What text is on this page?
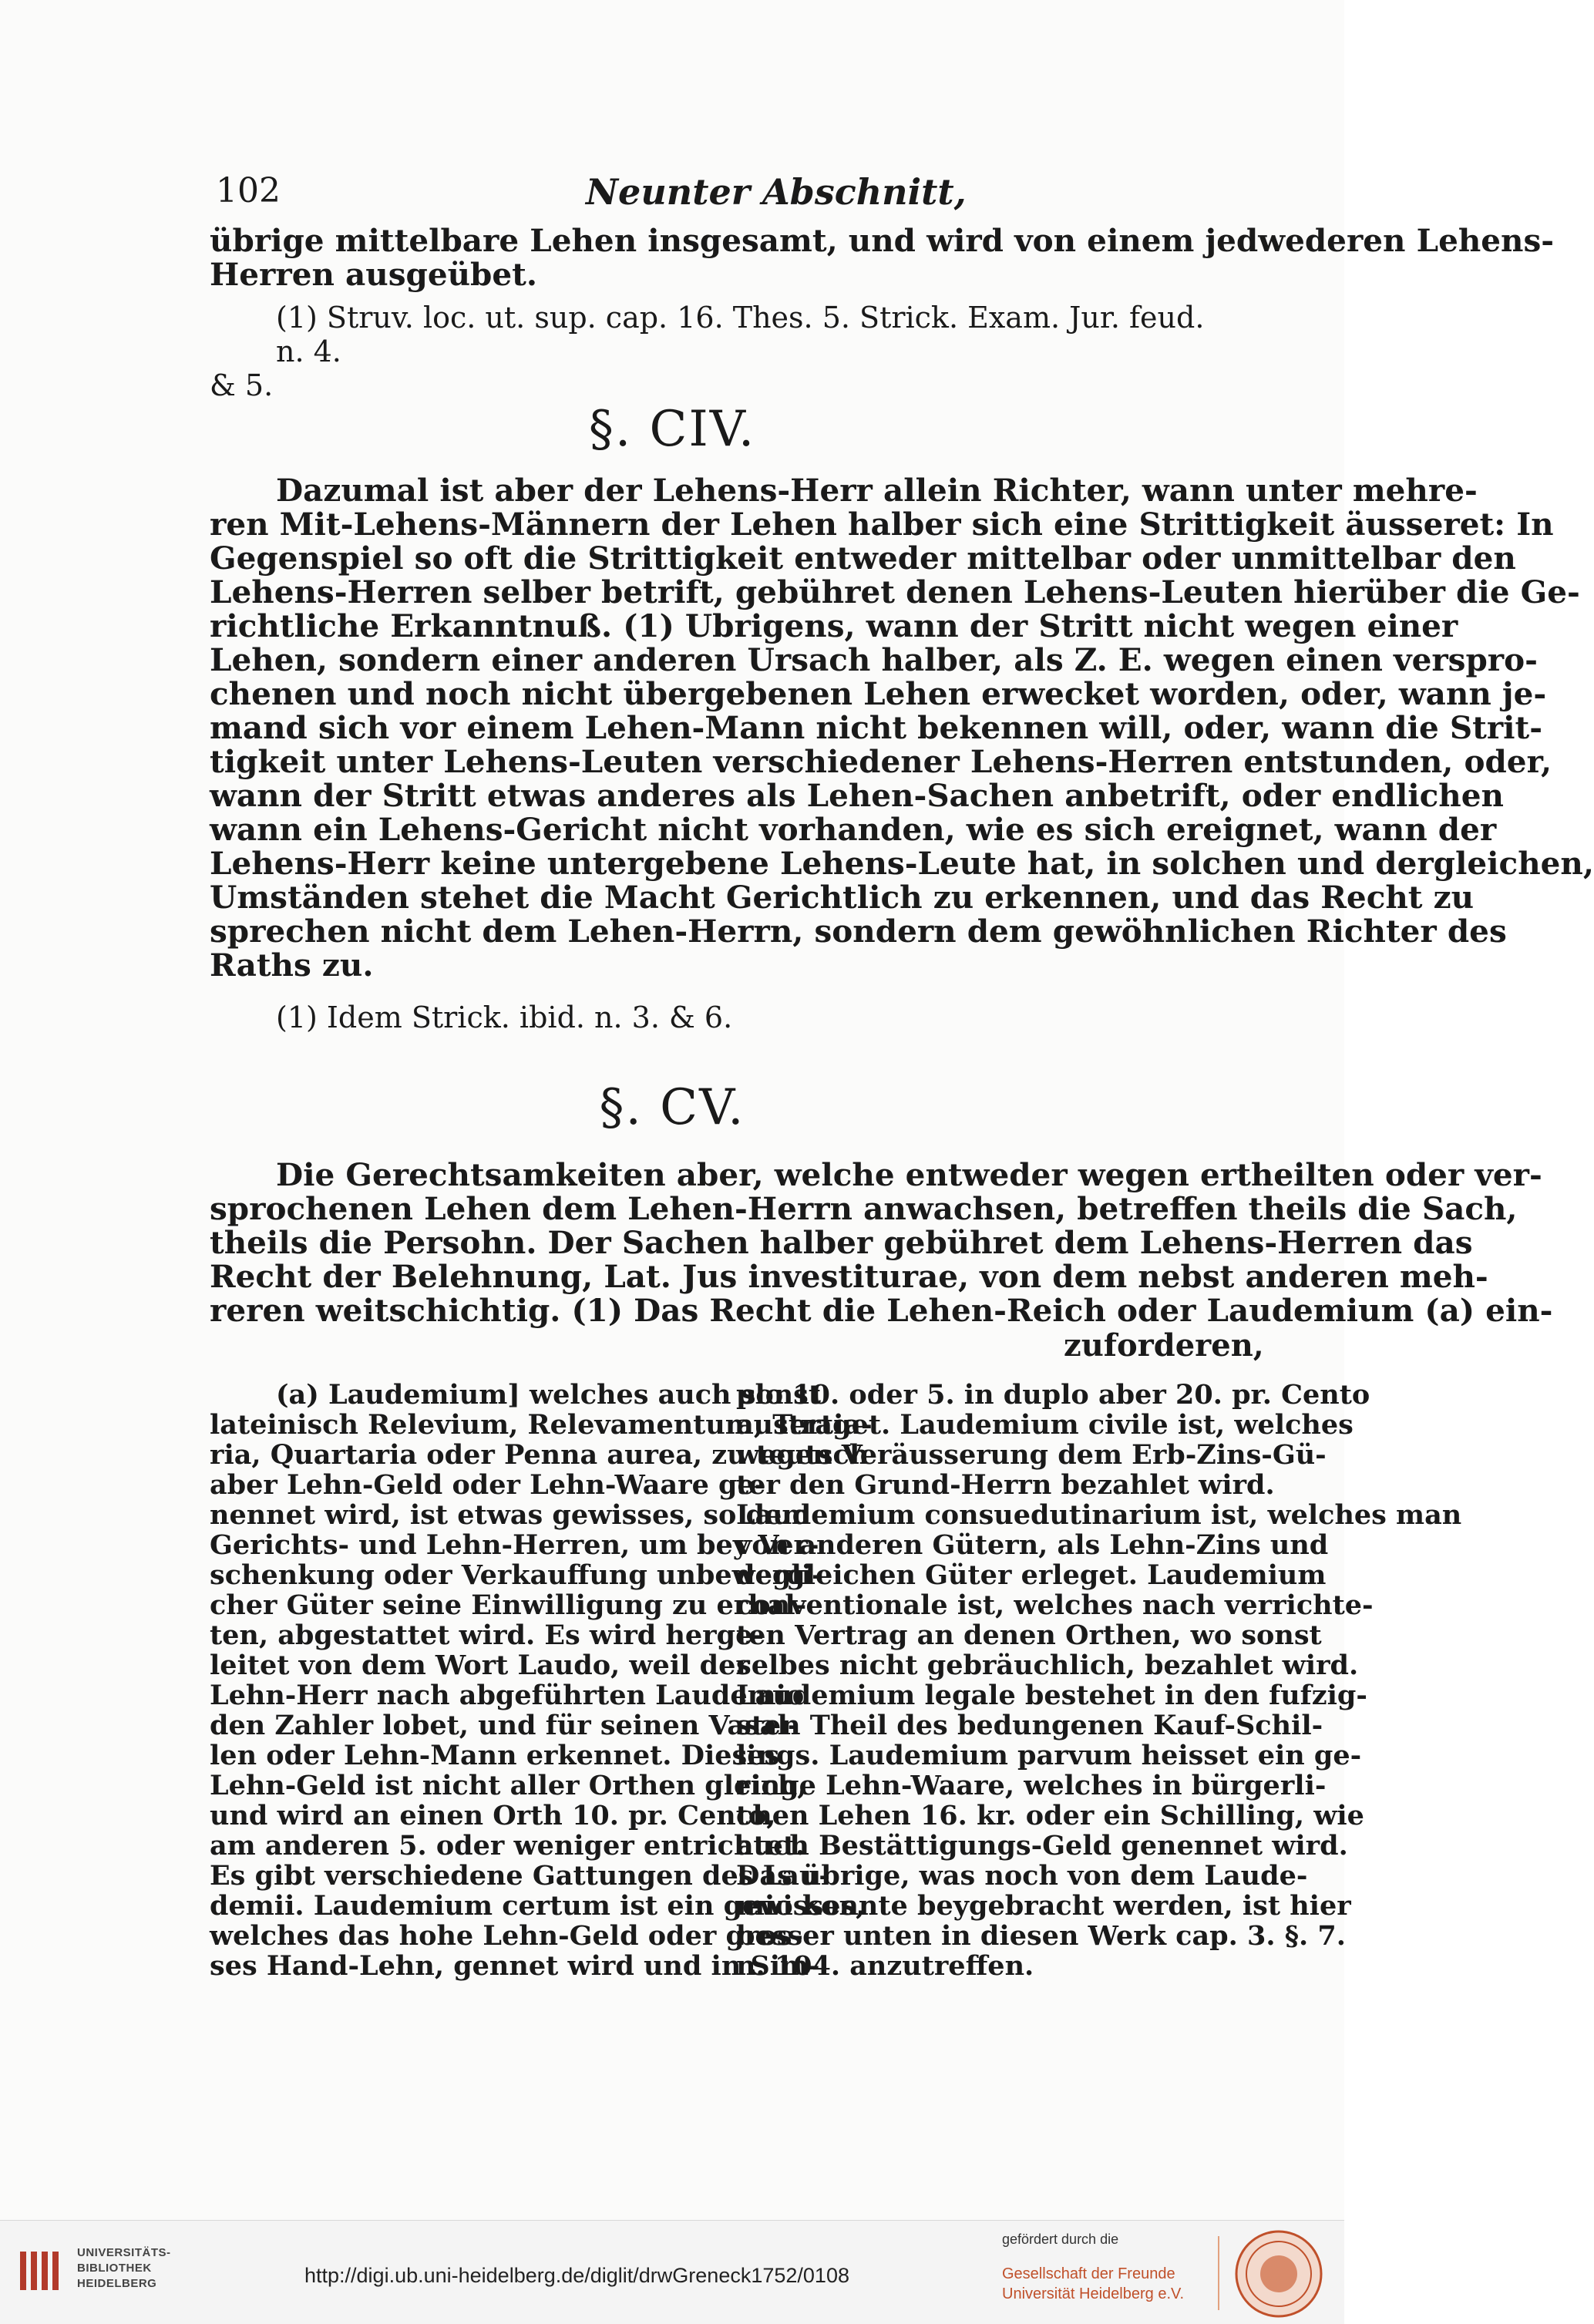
102	Neunter Abschnitt,
übrige mittelbare Lehen insgesamt, und wird von einem jedwederen Lehens-
Herren ausgeübet.
(1) Struv. loc. ut. sup. cap. 16. Thes. 5. Strick. Exam. Jur. feud. n. 4.
& 5.
§. CIV.
Dazumal ist aber der Lehens-Herr allein Richter, wann unter mehre-
ren Mit-Lehens-Männern der Lehen halber sich eine Strittigkeit äusseret: In
Gegenspiel so oft die Strittigkeit entweder mittelbar oder unmittelbar den
Lehens-Herren selber betrift, gebühret denen Lehens-Leuten hierüber die Ge-
richtliche Erkanntnuß. (1) Ubrigens, wann der Stritt nicht wegen einer
Lehen, sondern einer anderen Ursach halber, als Z. E. wegen einen verspro-
chenen und noch nicht übergebenen Lehen erwecket worden, oder, wann je-
mand sich vor einem Lehen-Mann nicht bekennen will, oder, wann die Strit-
tigkeit unter Lehens-Leuten verschiedener Lehens-Herren entstunden, oder,
wann der Stritt etwas anderes als Lehen-Sachen anbetrift, oder endlichen
wann ein Lehens-Gericht nicht vorhanden, wie es sich ereignet, wann der
Lehens-Herr keine untergebene Lehens-Leute hat, in solchen und dergleichen,
Umständen stehet die Macht Gerichtlich zu erkennen, und das Recht zu
sprechen nicht dem Lehen-Herrn, sondern dem gewöhnlichen Richter des
Raths zu.
(1) Idem Strick. ibid. n. 3. & 6.
§. CV.
Die Gerechtsamkeiten aber, welche entweder wegen ertheilten oder ver-
sprochenen Lehen dem Lehen-Herrn anwachsen, betreffen theils die Sach,
theils die Persohn. Der Sachen halber gebühret dem Lehens-Herren das
Recht der Belehnung, Lat. Jus investiturae, von dem nebst anderen meh-
reren weitschichtig. (1) Das Recht die Lehen-Reich oder Laudemium (a) ein-
zuforderen,
(a) Laudemium] welches auch sonst
lateinisch Relevium, Relevamentum, Tertia-
ria, Quartaria oder Penna aurea, zu teutsch
aber Lehn-Geld oder Lehn-Waare ge-
nennet wird, ist etwas gewisses, so dem
Gerichts- und Lehn-Herren, um bey Ver-
schenkung oder Verkauffung unbewegli-
cher Güter seine Einwilligung zu erhal-
ten, abgestattet wird. Es wird herge-
leitet von dem Wort Laudo, weil der
Lehn-Herr nach abgeführten Laudemio
den Zahler lobet, und für seinen Vasal-
len oder Lehn-Mann erkennet. Dieses
Lehn-Geld ist nicht aller Orthen gleich,
und wird an einen Orth 10. pr. Cento,
am anderen 5. oder weniger entrichtet.
Es gibt verschiedene Gattungen des Lau-
demii. Laudemium certum ist ein gewisses,
welches das hohe Lehn-Geld oder gros-
ses Hand-Lehn, gennet wird und in Sim-
plo 10. oder 5. in duplo aber 20. pr. Cento
austraget. Laudemium civile ist, welches
wegen Veräusserung dem Erb-Zins-Gü-
ter den Grund-Herrn bezahlet wird.
Laudemium consuedutinarium ist, welches man
von anderen Gütern, als Lehn-Zins und
dergleichen Güter erleget. Laudemium
conventionale ist, welches nach verrichte-
ten Vertrag an denen Orthen, wo sonst
selbes nicht gebräuchlich, bezahlet wird.
Laudemium legale bestehet in den fufzig-
sten Theil des bedungenen Kauf-Schil-
lings. Laudemium parvum heisset ein ge-
ringe Lehn-Waare, welches in bürgerli-
chen Lehen 16. kr. oder ein Schilling, wie
auch Bestättigungs-Geld genennet wird.
Das übrige, was noch von dem Laude-
mio konnte beygebracht werden, ist hier
besser unten in diesen Werk cap. 3. §. 7.
n. 104. anzutreffen.
UNIVERSITÄTS-
BIBLIOTHEK
HEIDELBERG	http://digi.ub.uni-heidelberg.de/diglit/drwGreneck1752/0108
gefördert durch die
Gesellschaft der Freunde
Universität Heidelberg e.V.
